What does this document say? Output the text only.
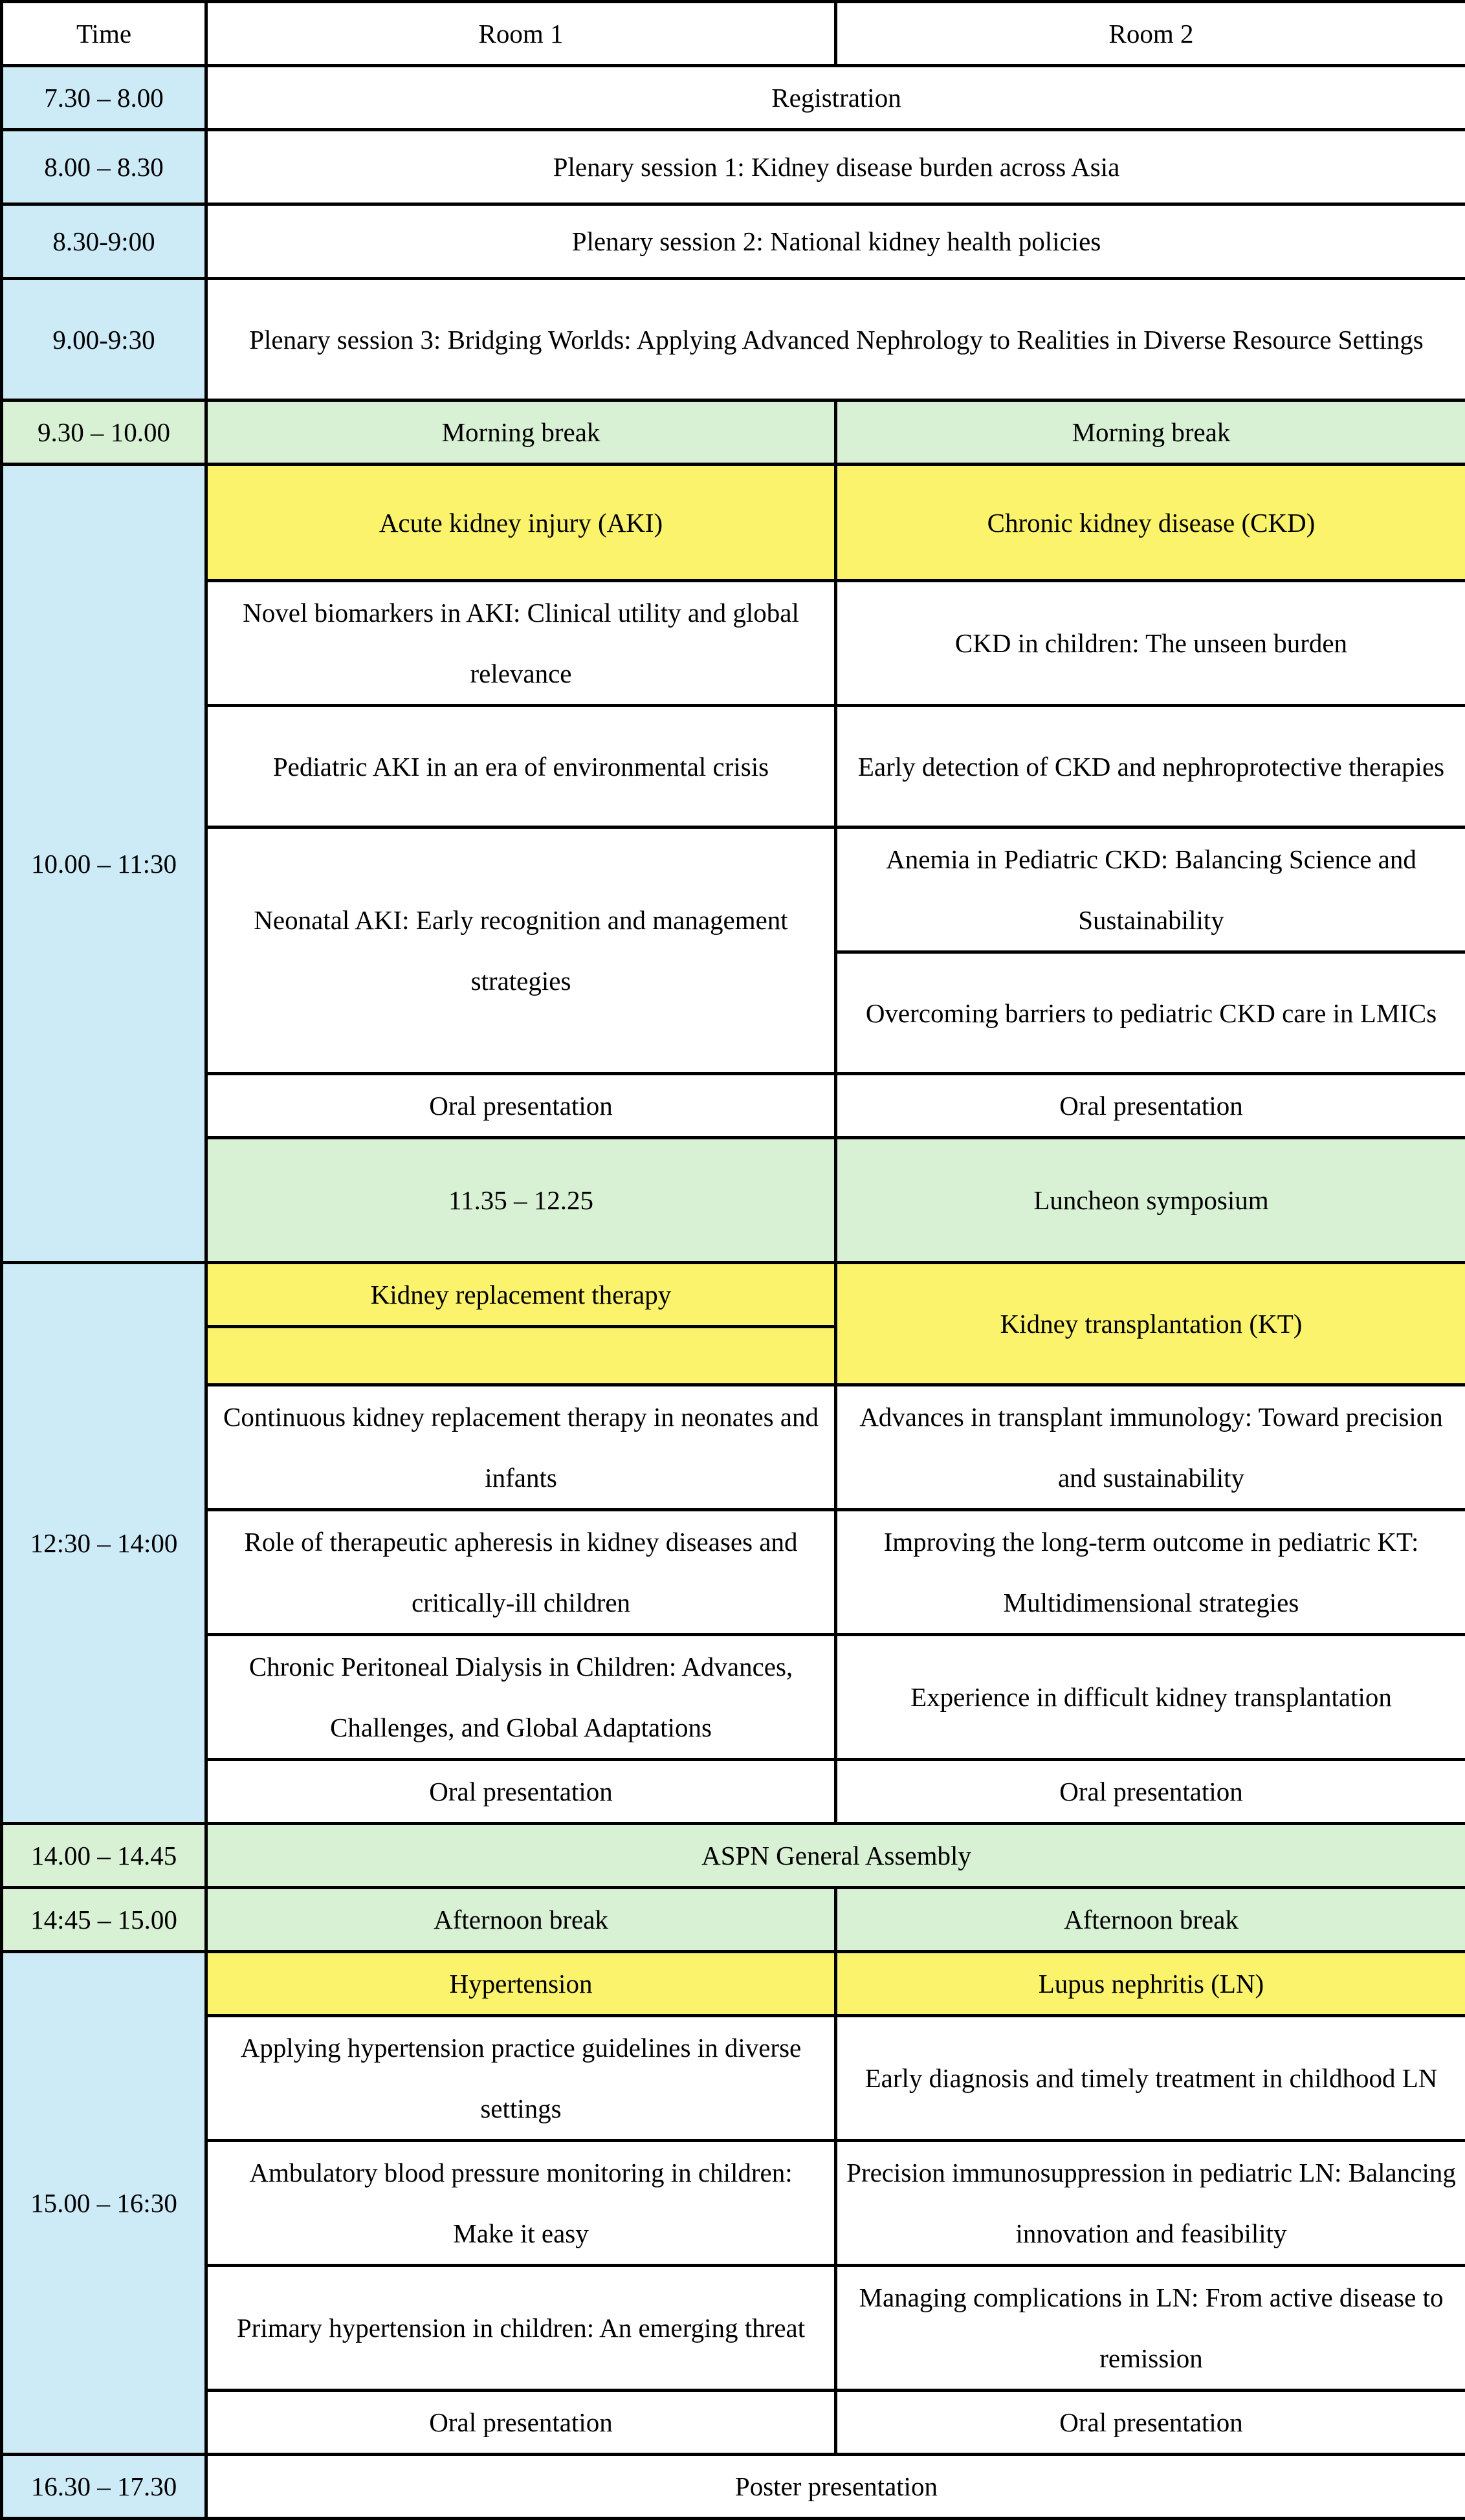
Time	Room 1	Room 2	
7.30 – 8.00	Registration		
8.00 – 8.30	Plenary session 1: Kidney disease burden across Asia		
8.30-9:00	Plenary session 2: National kidney health policies		
9.00-9:30	Plenary session 3: Bridging Worlds: Applying Advanced Nephrology to Realities in Diverse Resource Settings		
9.30 – 10.00	Morning break	Morning break	
10.00 – 11:30	Acute kidney injury (AKI)	Chronic kidney disease (CKD)	
	Novel biomarkers in AKI: Clinical utility and global relevance	CKD in children: The unseen burden	
	Pediatric AKI in an era of environmental crisis	Early detection of CKD and nephroprotective therapies	
	Neonatal AKI: Early recognition and management strategies	Anemia in Pediatric CKD: Balancing Science and Sustainability	
		Overcoming barriers to pediatric CKD care in LMICs	
	Oral presentation	Oral presentation	
	11.35 – 12.25	Luncheon symposium	
12:30 – 14:00	Kidney replacement therapy	Kidney transplantation (KT)	

	Continuous kidney replacement therapy in neonates and infants	Advances in transplant immunology: Toward precision and sustainability	
	Role of therapeutic apheresis in kidney diseases and critically-ill children	Improving the long-term outcome in pediatric KT: Multidimensional strategies	
	Chronic Peritoneal Dialysis in Children: Advances, Challenges, and Global Adaptations	Experience in difficult kidney transplantation	
	Oral presentation	Oral presentation	
14.00 – 14.45	ASPN General Assembly		
14:45 – 15.00	Afternoon break	Afternoon break	
15.00 – 16:30	Hypertension	Lupus nephritis (LN)	
	Applying hypertension practice guidelines in diverse settings	Early diagnosis and timely treatment in childhood LN	
	Ambulatory blood pressure monitoring in children: Make it easy	Precision immunosuppression in pediatric LN: Balancing innovation and feasibility	
	Primary hypertension in children: An emerging threat	Managing complications in LN: From active disease to remission	
	Oral presentation	Oral presentation	
16.30 – 17.30	Poster presentation		
